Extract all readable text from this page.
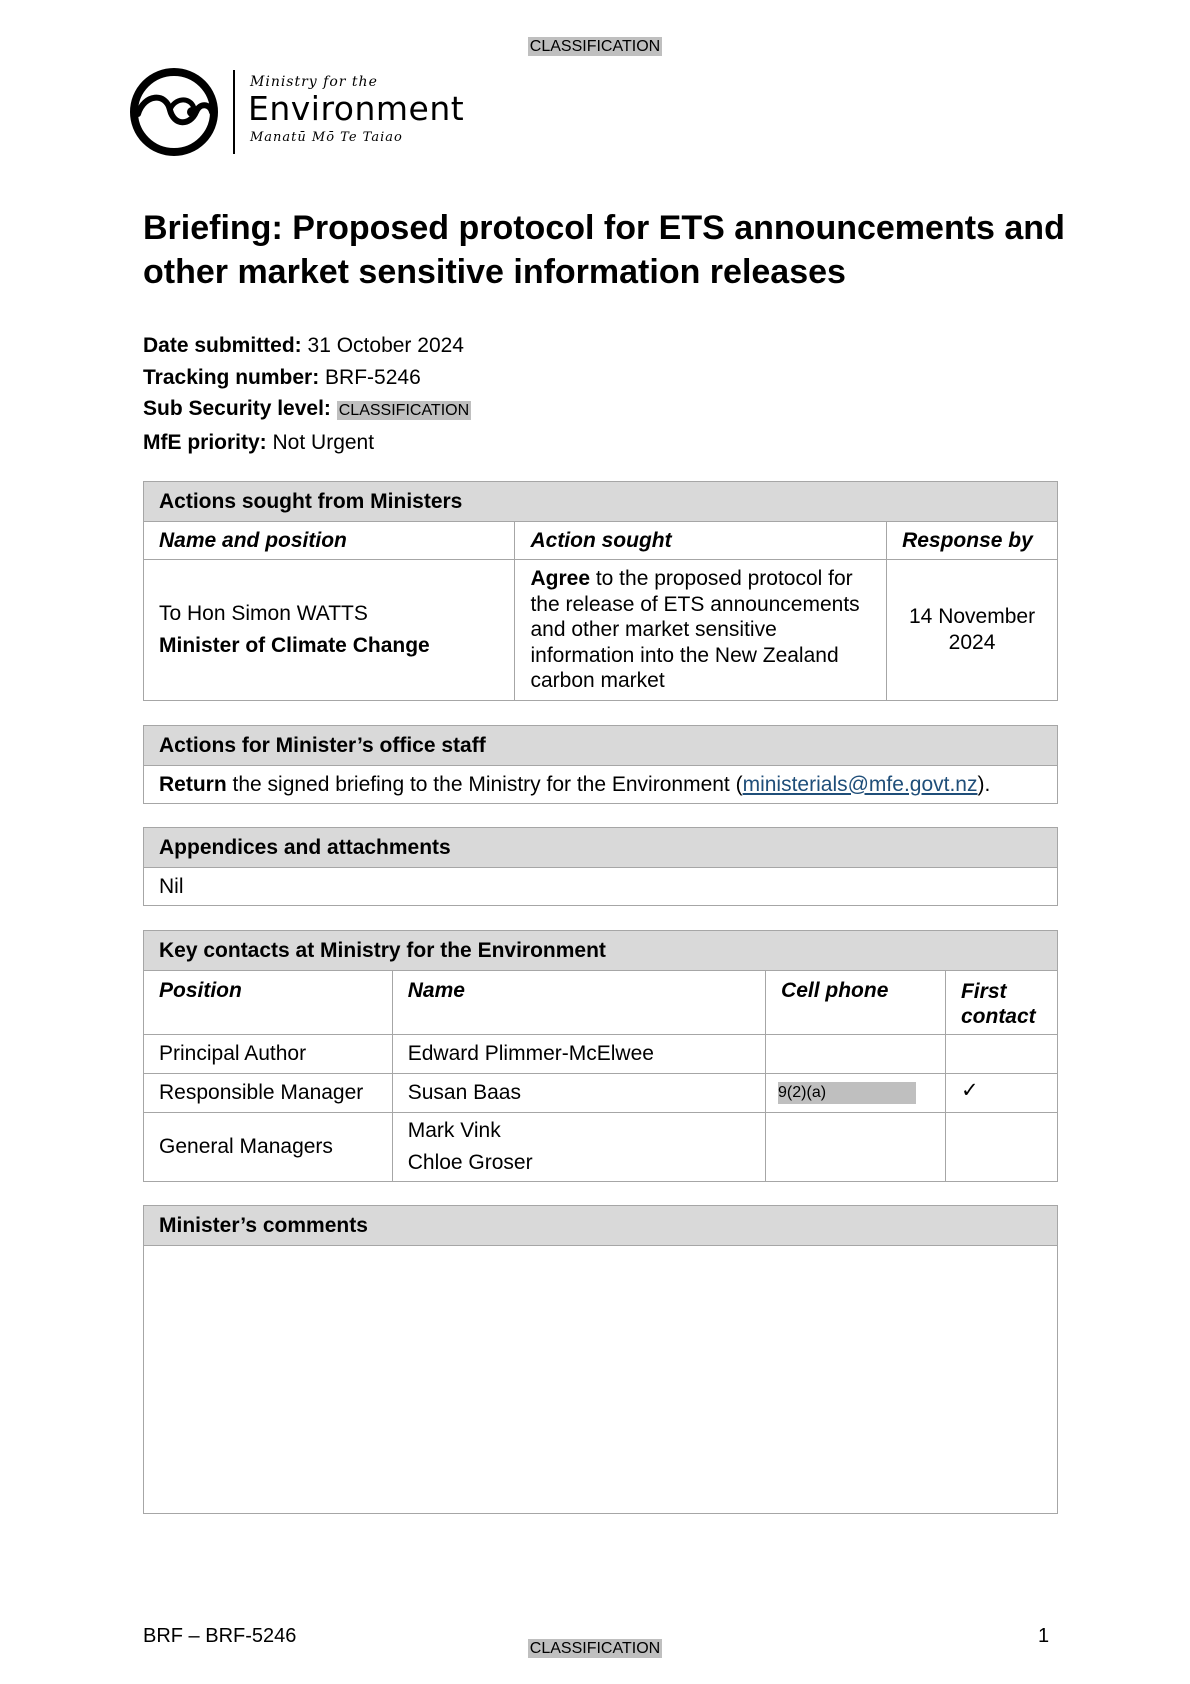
CLASSIFICATION
Ministry for the
Environment
Manatū Mō Te Taiao
Briefing: Proposed protocol for ETS announcements and other market sensitive information releases
Date submitted: 31 October 2024
Tracking number: BRF-5246
Sub Security level: CLASSIFICATION
MfE priority: Not Urgent
Actions sought from Ministers		
Name and position	Action sought	Response by

To Hon Simon WATTS
Minister of Climate Change	Agree to the proposed protocol for the release of ETS announcements and other market sensitive information into the New Zealand carbon market	14 November 2024
Actions for Minister’s office staff
Return the signed briefing to the Ministry for the Environment (ministerials@mfe.govt.nz).
Appendices and attachments
Nil
Key contacts at Ministry for the Environment			
Position	Name	Cell phone	First contact
Principal Author	Edward Plimmer-McElwee		
Responsible Manager	Susan Baas	9(2)(a)	✓
General Managers	Mark Vink
Chloe Groser		

Minister’s comments

BRF – BRF-5246	1
CLASSIFICATION
